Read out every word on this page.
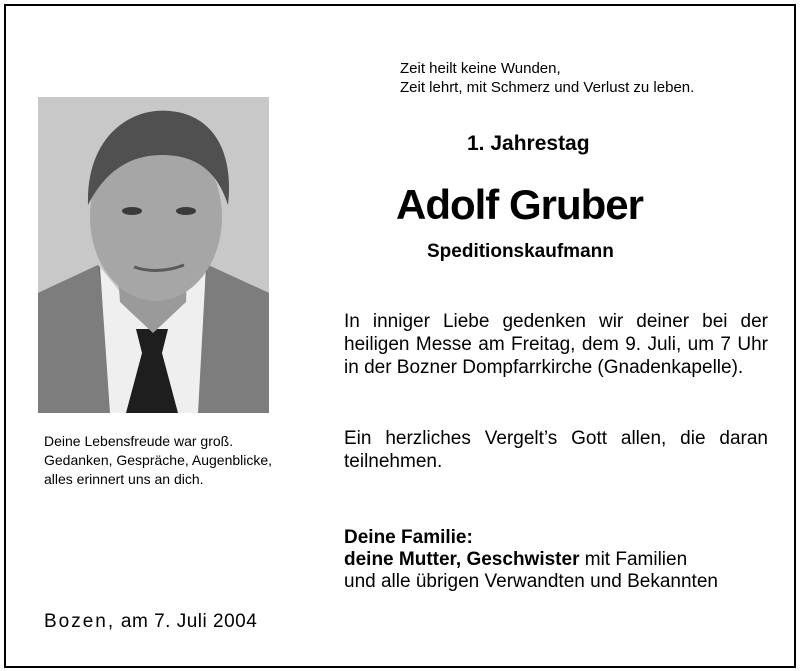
Zeit heilt keine Wunden,
Zeit lehrt, mit Schmerz und Verlust zu leben.
1. Jahrestag
Adolf Gruber
Speditionskaufmann
Deine Lebensfreude war groß.
Gedanken, Gespräche, Augenblicke,
alles erinnert uns an dich.
In inniger Liebe gedenken wir deiner bei der heiligen Messe am Freitag, dem 9. Juli, um 7 Uhr in der Bozner Dompfarrkirche (Gnadenkapelle).
Ein herzliches Vergelt’s Gott allen, die daran teilnehmen.
Deine Familie:
deine Mutter, Geschwister mit Familien
und alle übrigen Verwandten und Bekannten
Bozen, am 7. Juli 2004
